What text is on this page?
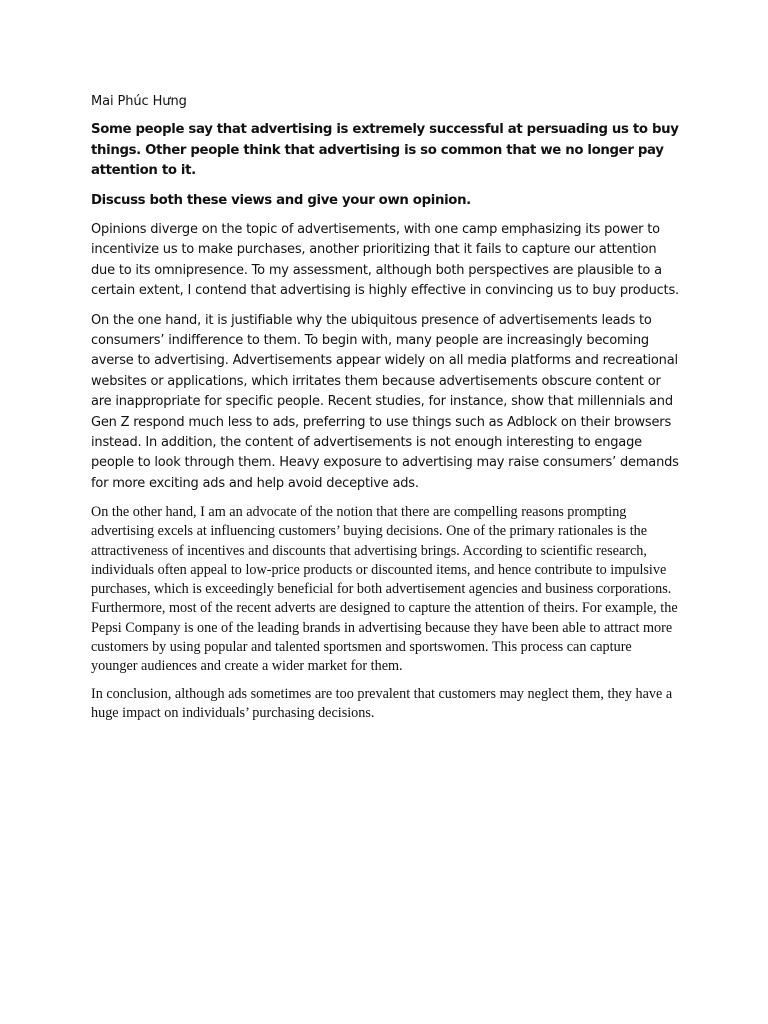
Mai Phúc Hưng

Some people say that advertising is extremely successful at persuading us to buy things. Other people think that advertising is so common that we no longer pay attention to it.

Discuss both these views and give your own opinion.

Opinions diverge on the topic of advertisements, with one camp emphasizing its power to incentivize us to make purchases, another prioritizing that it fails to capture our attention due to its omnipresence. To my assessment, although both perspectives are plausible to a certain extent, I contend that advertising is highly effective in convincing us to buy products.

On the one hand, it is justifiable why the ubiquitous presence of advertisements leads to consumers’ indifference to them. To begin with, many people are increasingly becoming averse to advertising. Advertisements appear widely on all media platforms and recreational websites or applications, which irritates them because advertisements obscure content or are inappropriate for specific people. Recent studies, for instance, show that millennials and Gen Z respond much less to ads, preferring to use things such as Adblock on their browsers instead. In addition, the content of advertisements is not enough interesting to engage people to look through them. Heavy exposure to advertising may raise consumers’ demands for more exciting ads and help avoid deceptive ads.

On the other hand, I am an advocate of the notion that there are compelling reasons prompting advertising excels at influencing customers’ buying decisions. One of the primary rationales is the attractiveness of incentives and discounts that advertising brings. According to scientific research, individuals often appeal to low-price products or discounted items, and hence contribute to impulsive purchases, which is exceedingly beneficial for both advertisement agencies and business corporations. Furthermore, most of the recent adverts are designed to capture the attention of theirs. For example, the Pepsi Company is one of the leading brands in advertising because they have been able to attract more customers by using popular and talented sportsmen and sportswomen. This process can capture younger audiences and create a wider market for them.

In conclusion, although ads sometimes are too prevalent that customers may neglect them, they have a huge impact on individuals’ purchasing decisions.
